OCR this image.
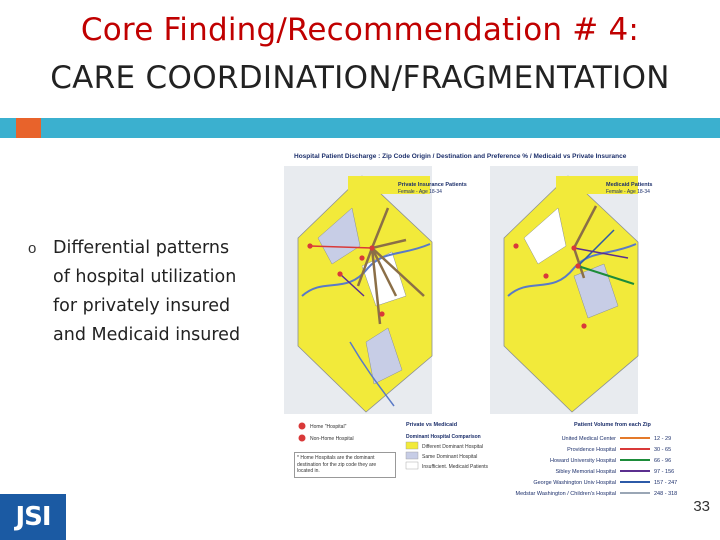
Core Finding/Recommendation # 4:
CARE COORDINATION/FRAGMENTATION
o Differential patterns
of hospital utilization
for privately insured
and Medicaid insured
Hospital Patient Discharge : Zip Code Origin / Destination and Preference % / Medicaid vs Private Insurance
Private Insurance Patients
Female - Age 18-34
Medicaid Patients
Female - Age 18-34
Home "Hospital"
Non-Home Hospital
* Home Hospitals are the dominant destination for the zip code they are located in.
Private vs Medicaid
Dominant Hospital Comparison
Different Dominant Hospital
Same Dominant Hospital
Insufficient. Medicaid Patients
Patient Volume from each Zip
United Medical Center
Providence Hospital
Howard University Hospital
Sibley Memorial Hospital
George Washington Univ Hospital
Medstar Washington / Children's Hospital
12 - 29
30 - 65
66 - 96
97 - 156
157 - 247
248 - 318
JSI	33
